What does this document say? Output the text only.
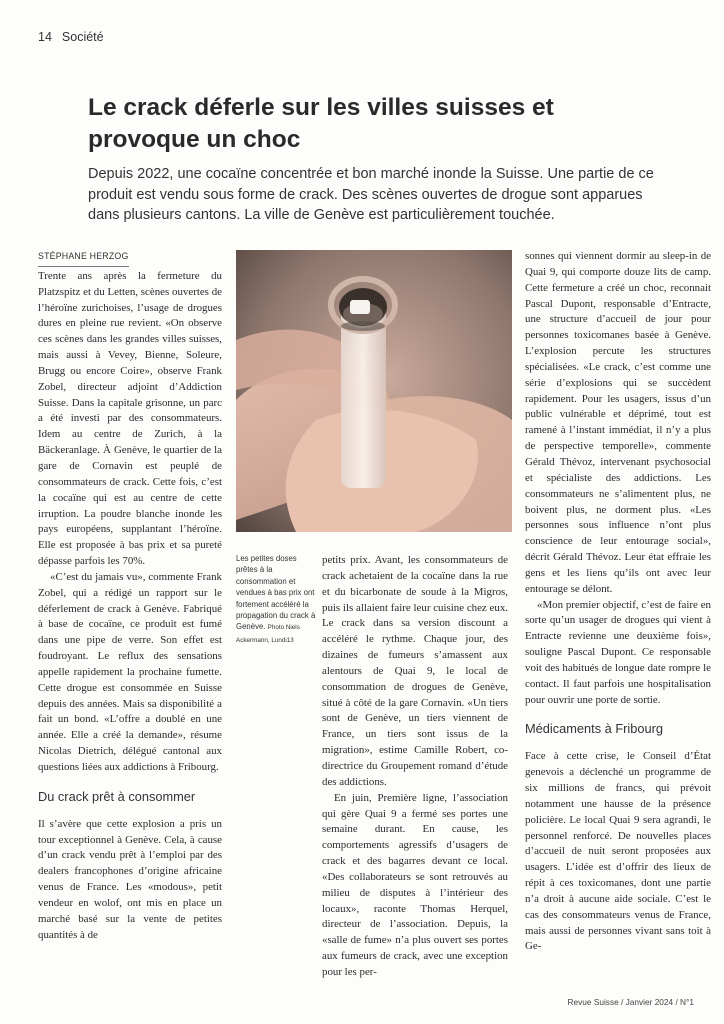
14 Société
Le crack déferle sur les villes suisses et provoque un choc

Depuis 2022, une cocaïne concentrée et bon marché inonde la Suisse. Une partie de ce produit est vendu sous forme de crack. Des scènes ouvertes de drogue sont apparues dans plusieurs cantons. La ville de Genève est particulièrement touchée.

STÉPHANE HERZOG

Trente ans après la fermeture du Platzspitz et du Letten, scènes ouvertes de l’héroïne zurichoises, l’usage de drogues dures en pleine rue revient. «On observe ces scènes dans les grandes villes suisses, mais aussi à Vevey, Bienne, Soleure, Brugg ou encore Coire», observe Frank Zobel, directeur adjoint d’Addiction Suisse. Dans la capitale grisonne, un parc a été investi par des consommateurs. Idem au centre de Zurich, à la Bäckeranlage. À Genève, le quartier de la gare de Cornavin est peuplé de consommateurs de crack. Cette fois, c’est la cocaïne qui est au centre de cette irruption. La poudre blanche inonde les pays européens, supplantant l’héroïne. Elle est proposée à bas prix et sa pureté dépasse parfois les 70%.

«C’est du jamais vu», commente Frank Zobel, qui a rédigé un rapport sur le déferlement de crack à Genève. Fabriqué à base de cocaïne, ce produit est fumé dans une pipe de verre. Son effet est foudroyant. Le reflux des sensations appelle rapidement la prochaine fumette. Cette drogue est consommée en Suisse depuis des années. Mais sa disponibilité a fait un bond. «L’offre a doublé en une année. Elle a créé la demande», résume Nicolas Dietrich, délégué cantonal aux questions liées aux addictions à Fribourg.

Du crack prêt à consommer

Il s’avère que cette explosion a pris un tour exceptionnel à Genève. Cela, à cause d’un crack vendu prêt à l’emploi par des dealers francophones d’origine africaine venus de France. Les «modous», petit vendeur en wolof, ont mis en place un marché basé sur la vente de petites quantités à de

Les petites doses prêtes à la consommation et vendues à bas prix ont fortement accéléré la propagation du crack à Genève. Photo Niels Ackermann, Lundi13

petits prix. Avant, les consommateurs de crack achetaient de la cocaïne dans la rue et du bicarbonate de soude à la Migros, puis ils allaient faire leur cuisine chez eux. Le crack dans sa version discount a accéléré le rythme. Chaque jour, des dizaines de fumeurs s’amassent aux alentours de Quai 9, le local de consommation de drogues de Genève, situé à côté de la gare Cornavin. «Un tiers sont de Genève, un tiers viennent de France, un tiers sont issus de la migration», estime Camille Robert, co-directrice du Groupement romand d’étude des addictions.

En juin, Première ligne, l’association qui gère Quai 9 a fermé ses portes une semaine durant. En cause, les comportements agressifs d’usagers de crack et des bagarres devant ce local. «Des collaborateurs se sont retrouvés au milieu de disputes à l’intérieur des locaux», raconte Thomas Herquel, directeur de l’association. Depuis, la «salle de fume» n’a plus ouvert ses portes aux fumeurs de crack, avec une exception pour les per-

sonnes qui viennent dormir au sleep-in de Quai 9, qui comporte douze lits de camp. Cette fermeture a créé un choc, reconnait Pascal Dupont, responsable d’Entracte, une structure d’accueil de jour pour personnes toxicomanes basée à Genève. L’explosion percute les structures spécialisées. «Le crack, c’est comme une série d’explosions qui se succèdent rapidement. Pour les usagers, issus d’un public vulnérable et déprimé, tout est ramené à l’instant immédiat, il n’y a plus de perspective temporelle», commente Gérald Thévoz, intervenant psychosocial et spécialiste des addictions. Les consommateurs ne s’alimentent plus, ne boivent plus, ne dorment plus. «Les personnes sous influence n’ont plus conscience de leur entourage social», décrit Gérald Thévoz. Leur état effraie les gens et les liens qu’ils ont avec leur entourage se délont.

«Mon premier objectif, c’est de faire en sorte qu’un usager de drogues qui vient à Entracte revienne une deuxième fois», souligne Pascal Dupont. Ce responsable voit des habitués de longue date rompre le contact. Il faut parfois une hospitalisation pour ouvrir une porte de sortie.

Médicaments à Fribourg

Face à cette crise, le Conseil d’État genevois a déclenché un programme de six millions de francs, qui prévoit notamment une hausse de la présence policière. Le local Quai 9 sera agrandi, le personnel renforcé. De nouvelles places d’accueil de nuit seront proposées aux usagers. L’idée est d’offrir des lieux de répit à ces toxicomanes, dont une partie n’a droit à aucune aide sociale. C’est le cas des consommateurs venus de France, mais aussi de personnes vivant sans toit à Ge-

Revue Suisse / Janvier 2024 / N°1
